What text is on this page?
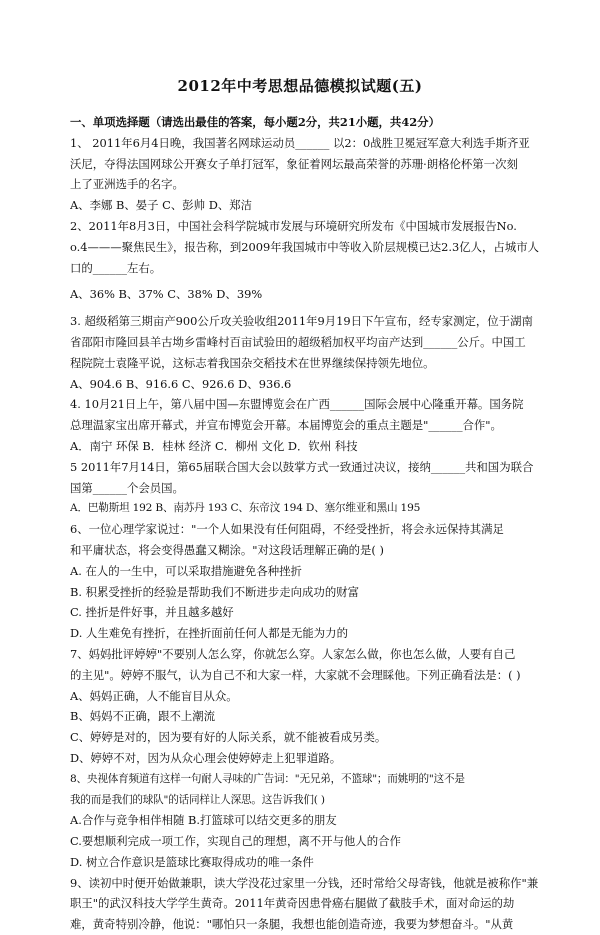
2012年中考思想品德模拟试题(五)
一、单项选择题（请选出最佳的答案，每小题2分，共21小题，共42分）
1、 2011年6月4日晚，我国著名网球运动员______ 以2：0战胜卫冕冠军意大利选手斯齐亚
沃尼，夺得法国网球公开赛女子单打冠军，象征着网坛最高荣誉的苏珊·朗格伦杯第一次刻
上了亚洲选手的名字。
A、李娜 B、晏子 C、彭帅 D、郑洁
2、2011年8月3日，中国社会科学院城市发展与环境研究所发布《中国城市发展报告No.
o.4———聚焦民生》，报告称，到2009年我国城市中等收入阶层规模已达2.3亿人，占城市人
口的______左右。
A、36% B、37% C、38% D、39%
3. 超级稻第三期亩产900公斤攻关验收组2011年9月19日下午宣布，经专家测定，位于湖南
省邵阳市隆回县羊古坳乡雷峰村百亩试验田的超级稻加权平均亩产达到______公斤。中国工
程院院士袁隆平说，这标志着我国杂交稻技术在世界继续保持领先地位。
A、904.6 B、916.6 C、926.6 D、936.6
4. 10月21日上午，第八届中国—东盟博览会在广西______国际会展中心隆重开幕。国务院
总理温家宝出席开幕式，并宣布博览会开幕。本届博览会的重点主题是"______合作"。
A．南宁 环保 B．桂林 经济 C．柳州 文化 D．钦州 科技
5 2011年7月14日，第65届联合国大会以鼓掌方式一致通过决议，接纳______共和国为联合
国第______个会员国。
A．巴勒斯坦 192 B、南苏丹 193 C、东帝汶 194 D、塞尔维亚和黑山 195
6、一位心理学家说过："一个人如果没有任何阻碍，不经受挫折，将会永远保持其满足
和平庸状态，将会变得愚蠢又糊涂。"对这段话理解正确的是( )
A. 在人的一生中，可以采取措施避免各种挫折
B. 积累受挫折的经验是帮助我们不断进步走向成功的财富
C. 挫折是件好事，并且越多越好
D. 人生难免有挫折，在挫折面前任何人都是无能为力的
7、妈妈批评婷婷"不要别人怎么穿，你就怎么穿。人家怎么做，你也怎么做，人要有自己
的主见"。婷婷不服气，认为自己不和大家一样，大家就不会理睬他。下列正确看法是：( )
A、妈妈正确，人不能盲目从众。
B、妈妈不正确，跟不上潮流
C、婷婷是对的，因为要有好的人际关系，就不能被看成另类。
D、婷婷不对，因为从众心理会使婷婷走上犯罪道路。
8、央视体育频道有这样一句耐人寻味的广告词："无兄弟，不篮球"；而姚明的"这不是
我的而是我们的球队"的话同样让人深思。这告诉我们( )
A.合作与竞争相伴相随 B.打篮球可以结交更多的朋友
C.要想顺利完成一项工作，实现自己的理想，离不开与他人的合作
D. 树立合作意识是篮球比赛取得成功的唯一条件
9、读初中时便开始做兼职，读大学没花过家里一分钱，还时常给父母寄钱，他就是被称作"兼
职王"的武汉科技大学学生黄奇。2011年黄奇因患骨癌右腿做了截肢手术，面对命运的劫
难，黄奇特别冷静，他说："哪怕只一条腿，我想也能创造奇迹，我要为梦想奋斗。"从黄
